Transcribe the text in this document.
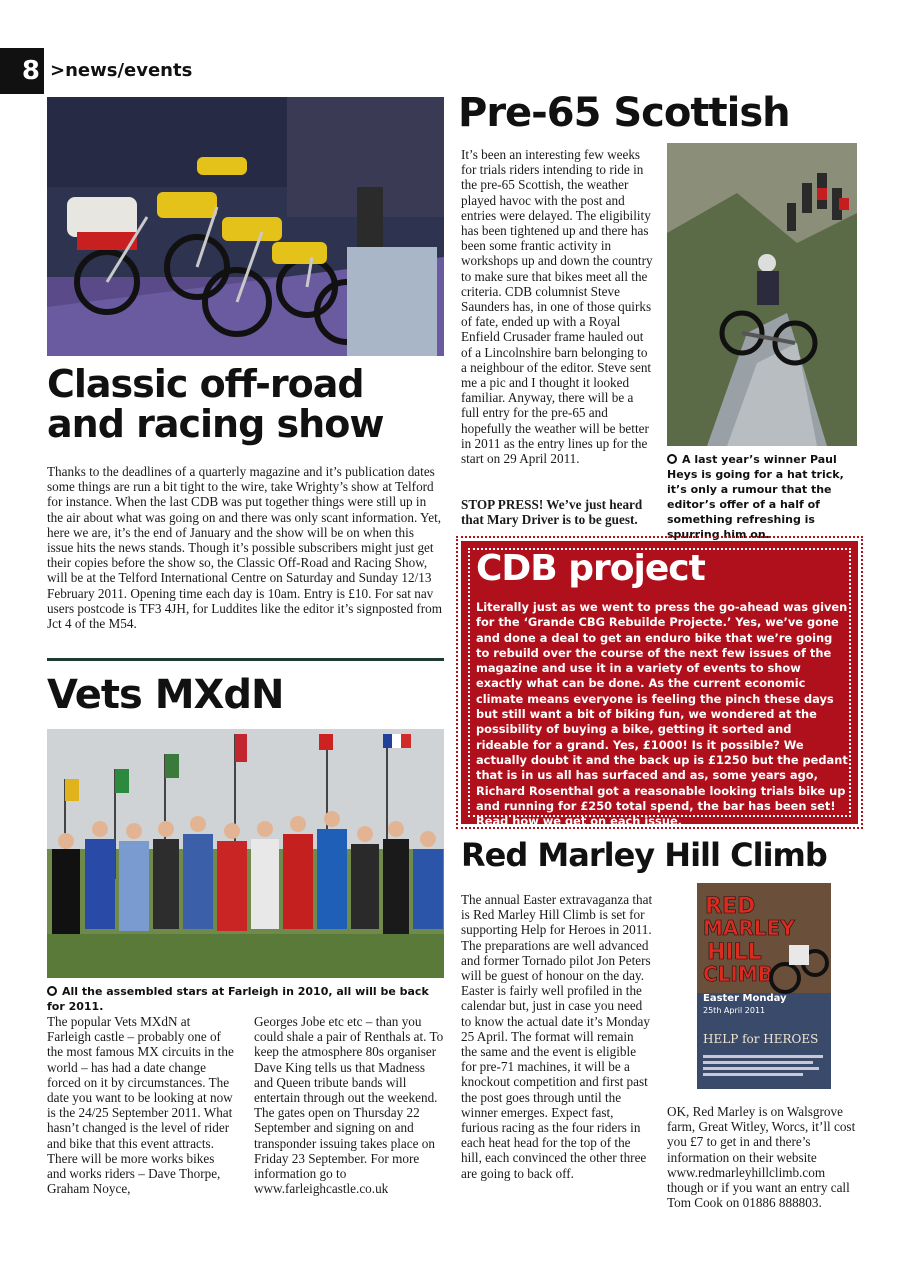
8 >news/events
Classic off-road and racing show
Thanks to the deadlines of a quarterly magazine and it’s publication dates some things are run a bit tight to the wire, take Wrighty’s show at Telford for instance. When the last CDB was put together things were still up in the air about what was going on and there was only scant information. Yet, here we are, it’s the end of January and the show will be on when this issue hits the news stands. Though it’s possible subscribers might just get their copies before the show so, the Classic Off-Road and Racing Show, will be at the Telford International Centre on Saturday and Sunday 12/13 February 2011. Opening time each day is 10am. Entry is £10. For sat nav users postcode is TF3 4JH, for Luddites like the editor it’s signposted from Jct 4 of the M54.
Pre-65 Scottish
It’s been an interesting few weeks for trials riders intending to ride in the pre-65 Scottish, the weather played havoc with the post and entries were delayed. The eligibility has been tightened up and there has been some frantic activity in workshops up and down the country to make sure that bikes meet all the criteria. CDB columnist Steve Saunders has, in one of those quirks of fate, ended up with a Royal Enfield Crusader frame hauled out of a Lincolnshire barn belonging to a neighbour of the editor. Steve sent me a pic and I thought it looked familiar. Anyway, there will be a full entry for the pre-65 and hopefully the weather will be better in 2011 as the entry lines up for the start on 29 April 2011.
STOP PRESS! We’ve just heard that Mary Driver is to be guest.
A last year’s winner Paul Heys is going for a hat trick, it’s only a rumour that the editor’s offer of a half of something refreshing is spurring him on.
CDB project
Literally just as we went to press the go-ahead was given for the ‘Grande CBG Rebuilde Projecte.’ Yes, we’ve gone and done a deal to get an enduro bike that we’re going to rebuild over the course of the next few issues of the magazine and use it in a variety of events to show exactly what can be done. As the current economic climate means everyone is feeling the pinch these days but still want a bit of biking fun, we wondered at the possibility of buying a bike, getting it sorted and rideable for a grand. Yes, £1000! Is it possible? We actually doubt it and the back up is £1250 but the pedant that is in us all has surfaced and as, some years ago, Richard Rosenthal got a reasonable looking trials bike up and running for £250 total spend, the bar has been set! Read how we get on each issue.
Vets MXdN
All the assembled stars at Farleigh in 2010, all will be back for 2011.
The popular Vets MXdN at Farleigh castle – probably one of the most famous MX circuits in the world – has had a date change forced on it by circumstances. The date you want to be looking at now is the 24/25 September 2011. What hasn’t changed is the level of rider and bike that this event attracts. There will be more works bikes and works riders – Dave Thorpe, Graham Noyce,
Georges Jobe etc etc – than you could shale a pair of Renthals at. To keep the atmosphere 80s organiser Dave King tells us that Madness and Queen tribute bands will entertain through out the weekend. The gates open on Thursday 22 September and signing on and transponder issuing takes place on Friday 23 September. For more information go to www.farleighcastle.co.uk
Red Marley Hill Climb
The annual Easter extravaganza that is Red Marley Hill Climb is set for supporting Help for Heroes in 2011. The preparations are well advanced and former Tornado pilot Jon Peters will be guest of honour on the day. Easter is fairly well profiled in the calendar but, just in case you need to know the actual date it’s Monday 25 April. The format will remain the same and the event is eligible for pre-71 machines, it will be a knockout competition and first past the post goes through until the winner emerges. Expect fast, furious racing as the four riders in each heat head for the top of the hill, each convinced the other three are going to back off.
RED
MARLEY
HILL
CLIMB
Easter Monday
25th April 2011
HELP for HEROES
OK, Red Marley is on Walsgrove farm, Great Witley, Worcs, it’ll cost you £7 to get in and there’s information on their website www.redmarleyhillclimb.com though or if you want an entry call Tom Cook on 01886 888803.
